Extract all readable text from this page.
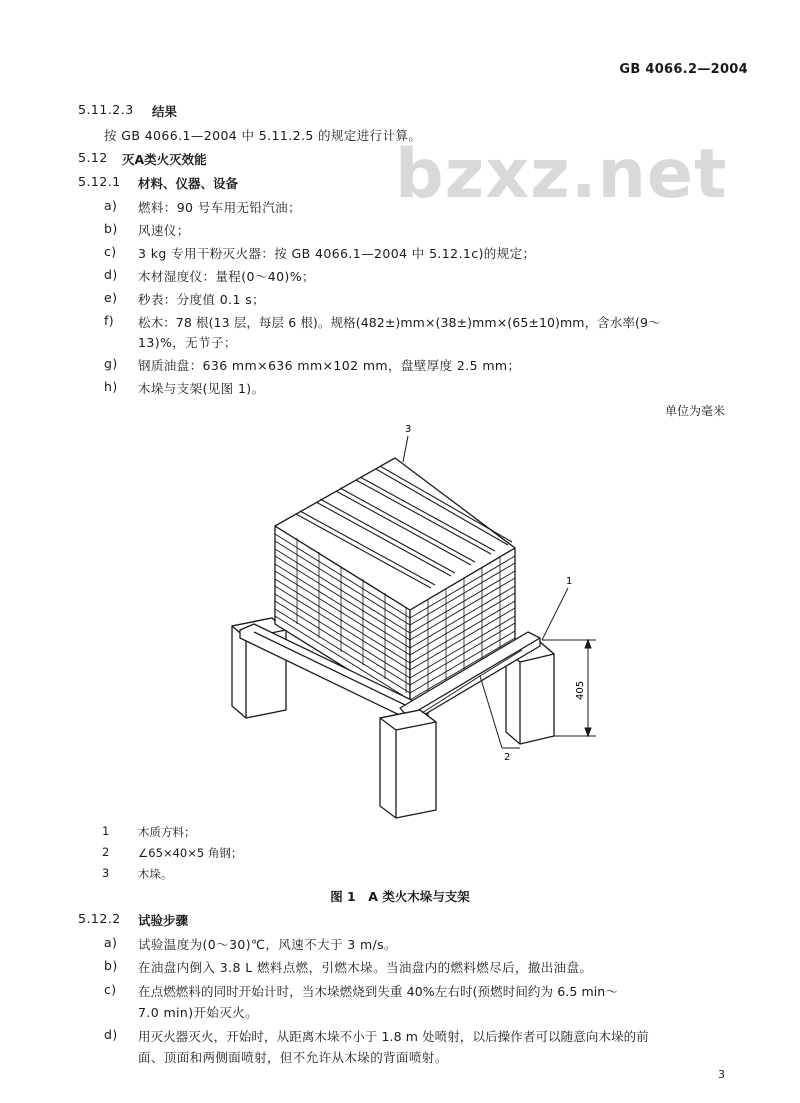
GB 4066.2—2004
bzxz.net
5.11.2.3 结果
按 GB 4066.1—2004 中 5.11.2.5 的规定进行计算。
5.12 灭A类火灭效能
5.12.1 材料、仪器、设备
a) 燃料：90 号车用无铅汽油；
b) 风速仪；
c) 3 kg 专用干粉灭火器：按 GB 4066.1—2004 中 5.12.1c)的规定；
d) 木材湿度仪：量程(0～40)%；
e) 秒表：分度值 0.1 s；
f) 松木：78 根(13 层，每层 6 根)。规格(482±)mm×(38±)mm×(65±10)mm，含水率(9～
13)%，无节子；
g) 钢质油盘：636 mm×636 mm×102 mm，盘壁厚度 2.5 mm；
h) 木垛与支架(见图 1)。
单位为毫米
3
1
2
405
1 木质方料；
2 ∠65×40×5 角钢；
3 木垛。
图 1　A 类火木垛与支架
5.12.2 试验步骤
a) 试验温度为(0～30)℃，风速不大于 3 m/s。
b) 在油盘内倒入 3.8 L 燃料点燃，引燃木垛。当油盘内的燃料燃尽后，撤出油盘。
c) 在点燃燃料的同时开始计时，当木垛燃烧到失重 40%左右时(预燃时间约为 6.5 min～
7.0 min)开始灭火。
d) 用灭火器灭火，开始时，从距离木垛不小于 1.8 m 处喷射，以后操作者可以随意向木垛的前
面、顶面和两侧面喷射，但不允许从木垛的背面喷射。
3
